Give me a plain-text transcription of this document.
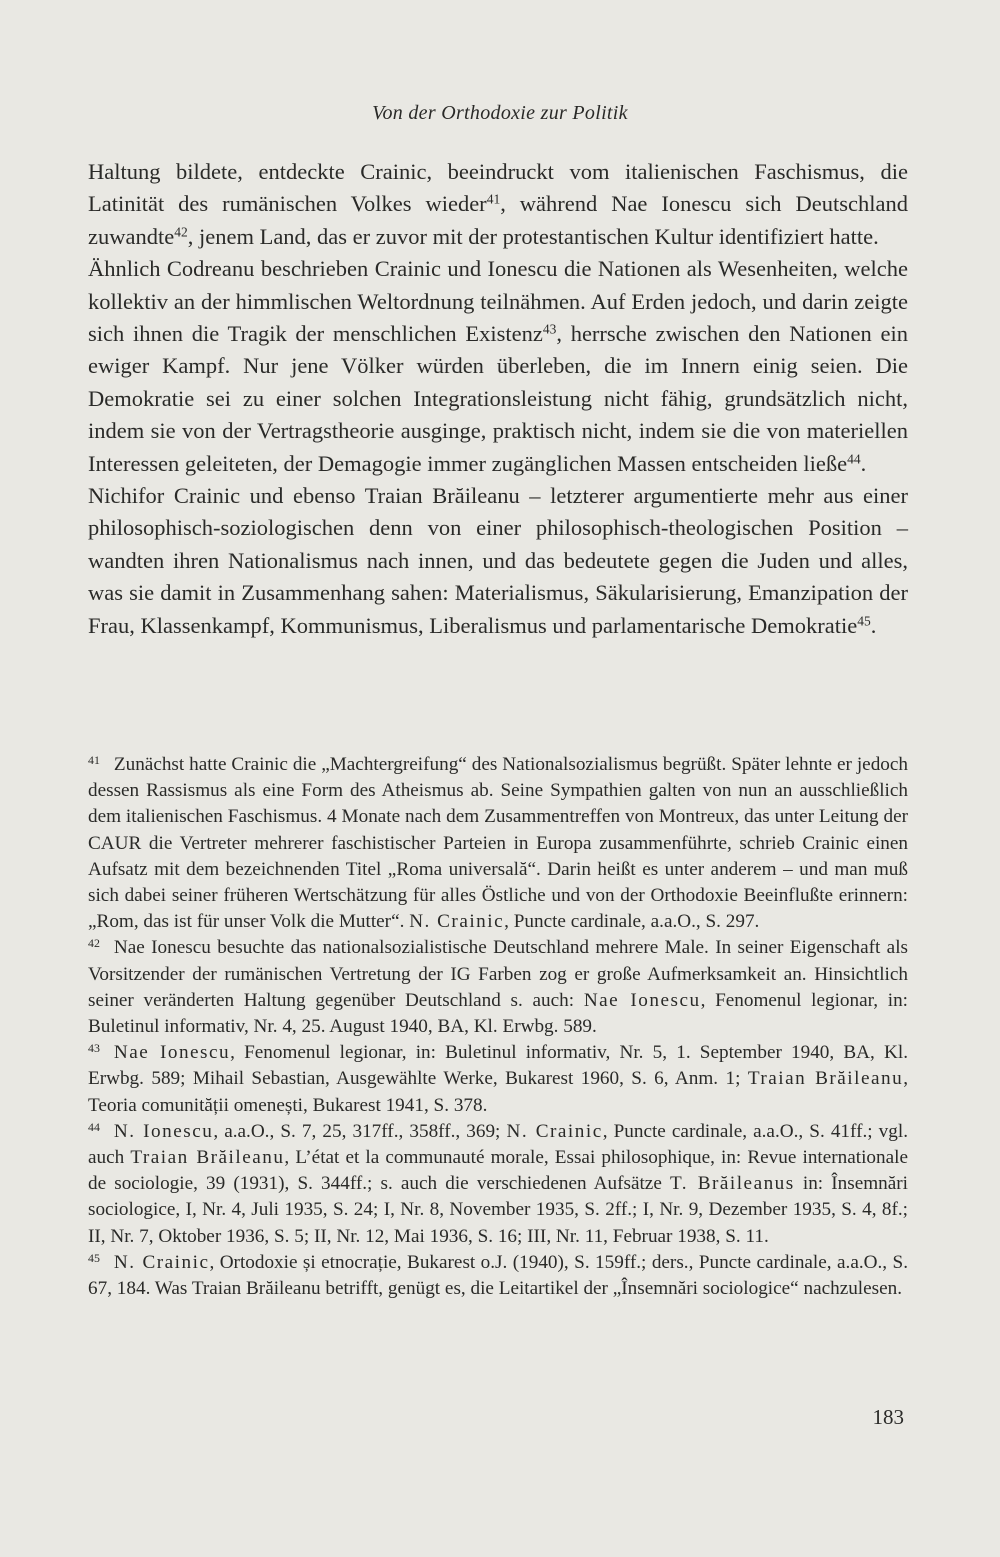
Von der Orthodoxie zur Politik

Haltung bildete, entdeckte Crainic, beeindruckt vom italienischen Faschismus, die Latinität des rumänischen Volkes wieder$^{41}$, während Nae Ionescu sich Deutschland zuwandte$^{42}$, jenem Land, das er zuvor mit der protestantischen Kultur identifiziert hatte.

Ähnlich Codreanu beschrieben Crainic und Ionescu die Nationen als Wesenheiten, welche kollektiv an der himmlischen Weltordnung teilnähmen. Auf Erden jedoch, und darin zeigte sich ihnen die Tragik der menschlichen Existenz$^{43}$, herrsche zwischen den Nationen ein ewiger Kampf. Nur jene Völker würden überleben, die im Innern einig seien. Die Demokratie sei zu einer solchen Integrationsleistung nicht fähig, grundsätzlich nicht, indem sie von der Vertragstheorie ausginge, praktisch nicht, indem sie die von materiellen Interessen geleiteten, der Demagogie immer zugänglichen Massen entscheiden ließe$^{44}$.

Nichifor Crainic und ebenso Traian Brăileanu – letzterer argumentierte mehr aus einer philosophisch-soziologischen denn von einer philosophisch-theologischen Position – wandten ihren Nationalismus nach innen, und das bedeutete gegen die Juden und alles, was sie damit in Zusammenhang sahen: Materialismus, Säkularisierung, Emanzipation der Frau, Klassenkampf, Kommunismus, Liberalismus und parlamentarische Demokratie$^{45}$.

$^{41}$ Zunächst hatte Crainic die „Machtergreifung“ des Nationalsozialismus begrüßt. Später lehnte er jedoch dessen Rassismus als eine Form des Atheismus ab. Seine Sympathien galten von nun an ausschließlich dem italienischen Faschismus. 4 Monate nach dem Zusammentreffen von Montreux, das unter Leitung der CAUR die Vertreter mehrerer faschistischer Parteien in Europa zusammenführte, schrieb Crainic einen Aufsatz mit dem bezeichnenden Titel „Roma universală“. Darin heißt es unter anderem – und man muß sich dabei seiner früheren Wertschätzung für alles Östliche und von der Orthodoxie Beeinflußte erinnern: „Rom, das ist für unser Volk die Mutter“. N. Crainic, Puncte cardinale, a.a.O., S. 297.

$^{42}$ Nae Ionescu besuchte das nationalsozialistische Deutschland mehrere Male. In seiner Eigenschaft als Vorsitzender der rumänischen Vertretung der IG Farben zog er große Aufmerksamkeit an. Hinsichtlich seiner veränderten Haltung gegenüber Deutschland s. auch: Nae Ionescu, Fenomenul legionar, in: Buletinul informativ, Nr. 4, 25. August 1940, BA, Kl. Erwbg. 589.

$^{43}$ Nae Ionescu, Fenomenul legionar, in: Buletinul informativ, Nr. 5, 1. September 1940, BA, Kl. Erwbg. 589; Mihail Sebastian, Ausgewählte Werke, Bukarest 1960, S. 6, Anm. 1; Traian Brăileanu, Teoria comunității omenești, Bukarest 1941, S. 378.

$^{44}$ N. Ionescu, a.a.O., S. 7, 25, 317ff., 358ff., 369; N. Crainic, Puncte cardinale, a.a.O., S. 41ff.; vgl. auch Traian Brăileanu, L’état et la communauté morale, Essai philosophique, in: Revue internationale de sociologie, 39 (1931), S. 344ff.; s. auch die verschiedenen Aufsätze T. Brăileanus in: Însemnări sociologice, I, Nr. 4, Juli 1935, S. 24; I, Nr. 8, November 1935, S. 2ff.; I, Nr. 9, Dezember 1935, S. 4, 8f.; II, Nr. 7, Oktober 1936, S. 5; II, Nr. 12, Mai 1936, S. 16; III, Nr. 11, Februar 1938, S. 11.

$^{45}$ N. Crainic, Ortodoxie și etnocrație, Bukarest o.J. (1940), S. 159ff.; ders., Puncte cardinale, a.a.O., S. 67, 184. Was Traian Brăileanu betrifft, genügt es, die Leitartikel der „Însemnări sociologice“ nachzulesen.

183
